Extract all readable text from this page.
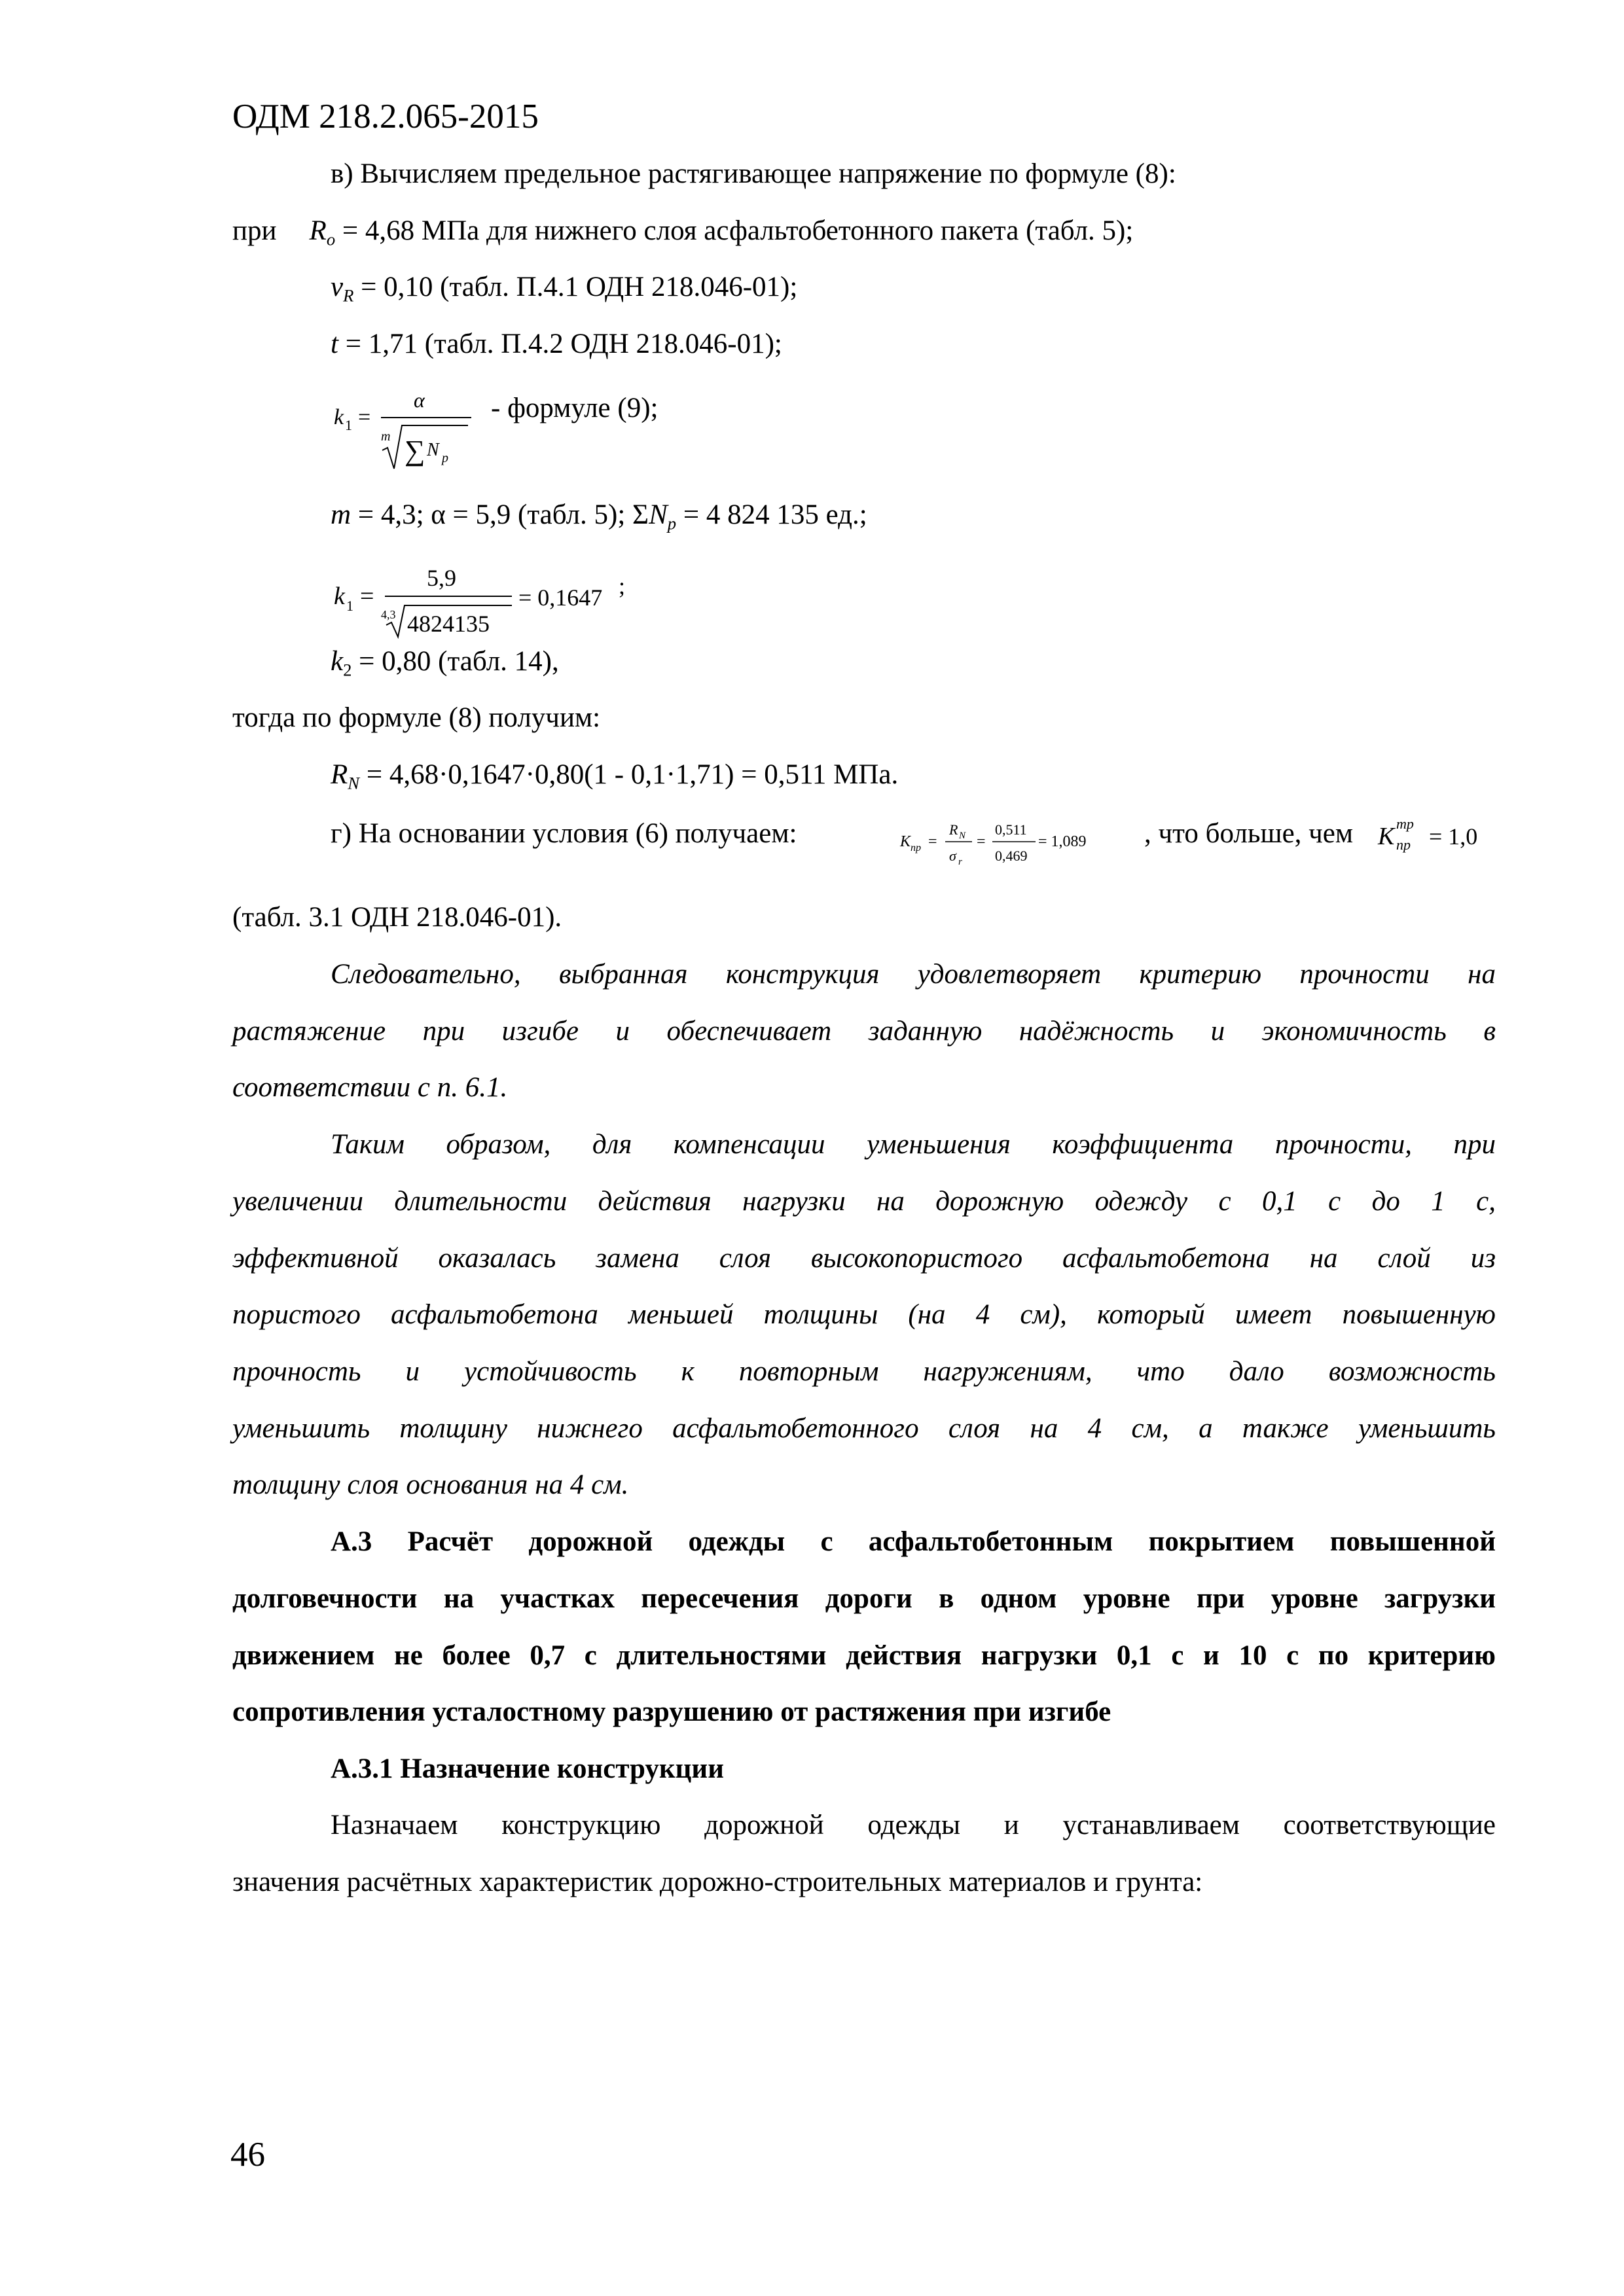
ОДМ 218.2.065-2015
в) Вычисляем предельное растягивающее напряжение по формуле (8):
при $R_o = 4,68$ МПа для нижнего слоя асфальтобетонного пакета (табл. 5);
$v_R = 0,10$ (табл. П.4.1 ОДН 218.046-01);
t = 1,71 (табл. П.4.2 ОДН 218.046-01);
k 1 =
α
m ∑ N p
- формуле (9);
m = 4,3; α = 5,9 (табл. 5); $\Sigma N_p = 4$ 824 135 ед.;
k 1 =
5,9
4,3 4824135
= 0,1647 ;
$k_2 = 0,80$ (табл. 14),
тогда по формуле (8) получим:
$R_N = 4,68\cdot 0,1647\cdot 0,80(1 - 0,1\cdot 1,71) = 0,511$ МПа.
г) На основании условия (6) получаем:	K пр =
R N
σ r
=
0,511
0,469
= 1,089 , что больше, чем K тр
пр = 1,0
(табл. 3.1 ОДН 218.046-01).
Следовательно, выбранная конструкция удовлетворяет критерию прочности на
растяжение при изгибе и обеспечивает заданную надёжность и экономичность в
соответствии с п. 6.1.
Таким образом, для компенсации уменьшения коэффициента прочности, при
увеличении длительности действия нагрузки на дорожную одежду с 0,1 с до 1 с,
эффективной оказалась замена слоя высокопористого асфальтобетона на слой из
пористого асфальтобетона меньшей толщины (на 4 см), который имеет повышенную
прочность и устойчивость к повторным нагружениям, что дало возможность
уменьшить толщину нижнего асфальтобетонного слоя на 4 см, а также уменьшить
толщину слоя основания на 4 см.
А.3 Расчёт дорожной одежды с асфальтобетонным покрытием повышенной
долговечности на участках пересечения дороги в одном уровне при уровне загрузки
движением не более 0,7 с длительностями действия нагрузки 0,1 с и 10 с по критерию
сопротивления усталостному разрушению от растяжения при изгибе
А.3.1 Назначение конструкции
Назначаем конструкцию дорожной одежды и устанавливаем соответствующие
значения расчётных характеристик дорожно-строительных материалов и грунта:
46
